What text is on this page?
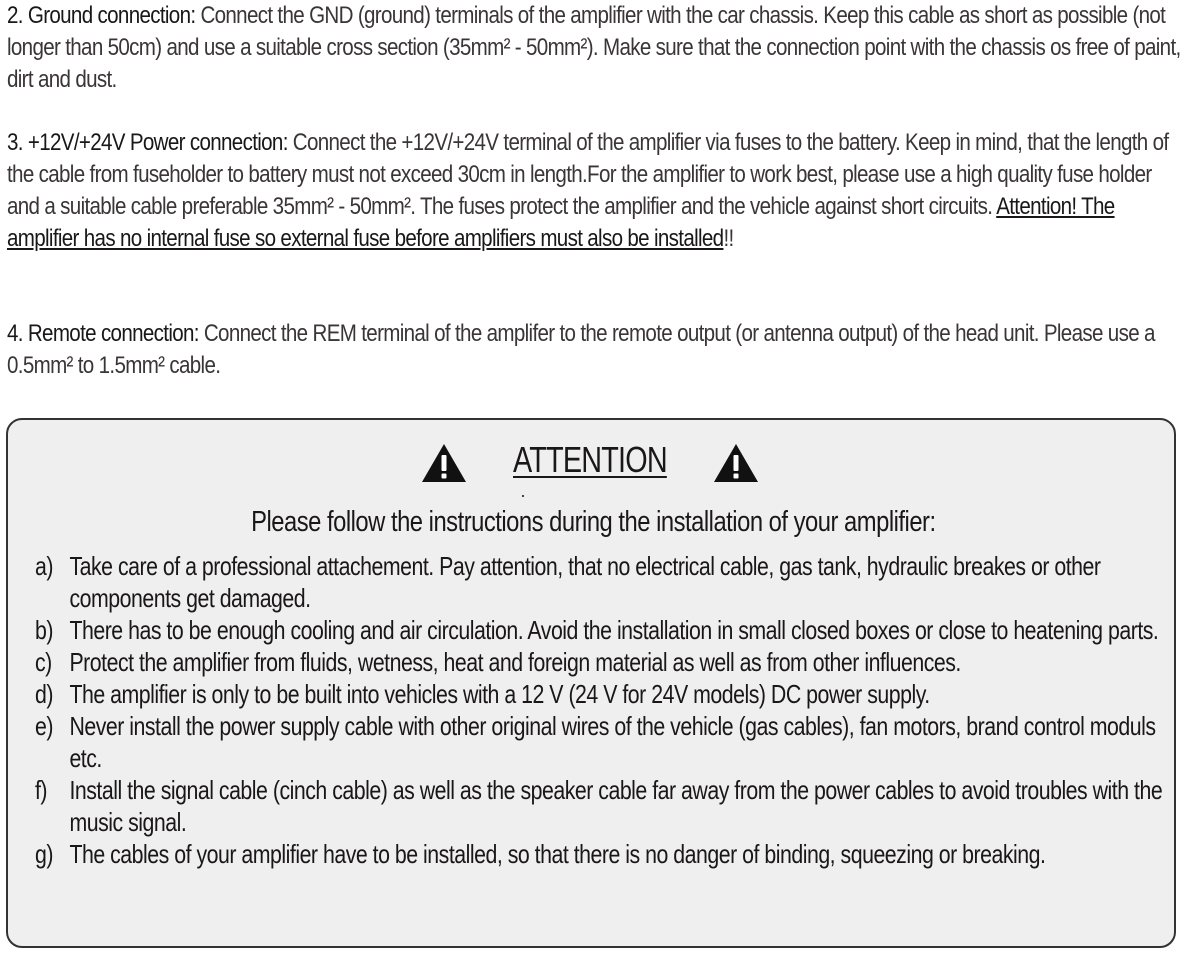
2. Ground connection: Connect the GND (ground) terminals of the amplifier with the car chassis. Keep this cable as short as possible (not longer than 50cm) and use a suitable cross section (35mm² - 50mm²). Make sure that the connection point with the chassis os free of paint, dirt and dust.

3. +12V/+24V Power connection: Connect the +12V/+24V terminal of the amplifier via fuses to the battery. Keep in mind, that the length of the cable from fuseholder to battery must not exceed 30cm in length.For the amplifier to work best, please use a high quality fuse holder and a suitable cable preferable 35mm² - 50mm². The fuses protect the amplifier and the vehicle against short circuits. Attention! The amplifier has no internal fuse so external fuse before amplifiers must also be installed!!

4. Remote connection: Connect the REM terminal of the amplifer to the remote output (or antenna output) of the head unit. Please use a 0.5mm² to 1.5mm² cable.

ATTENTION
Please follow the instructions during the installation of your amplifier:
a) Take care of a professional attachement. Pay attention, that no electrical cable, gas tank, hydraulic breakes or other components get damaged.
b) There has to be enough cooling and air circulation. Avoid the installation in small closed boxes or close to heatening parts.
c) Protect the amplifier from fluids, wetness, heat and foreign material as well as from other influences.
d) The amplifier is only to be built into vehicles with a 12 V (24 V for 24V models) DC power supply.
e) Never install the power supply cable with other original wires of the vehicle (gas cables), fan motors, brand control moduls etc.
f) Install the signal cable (cinch cable) as well as the speaker cable far away from the power cables to avoid troubles with the music signal.
g) The cables of your amplifier have to be installed, so that there is no danger of binding, squeezing or breaking.
